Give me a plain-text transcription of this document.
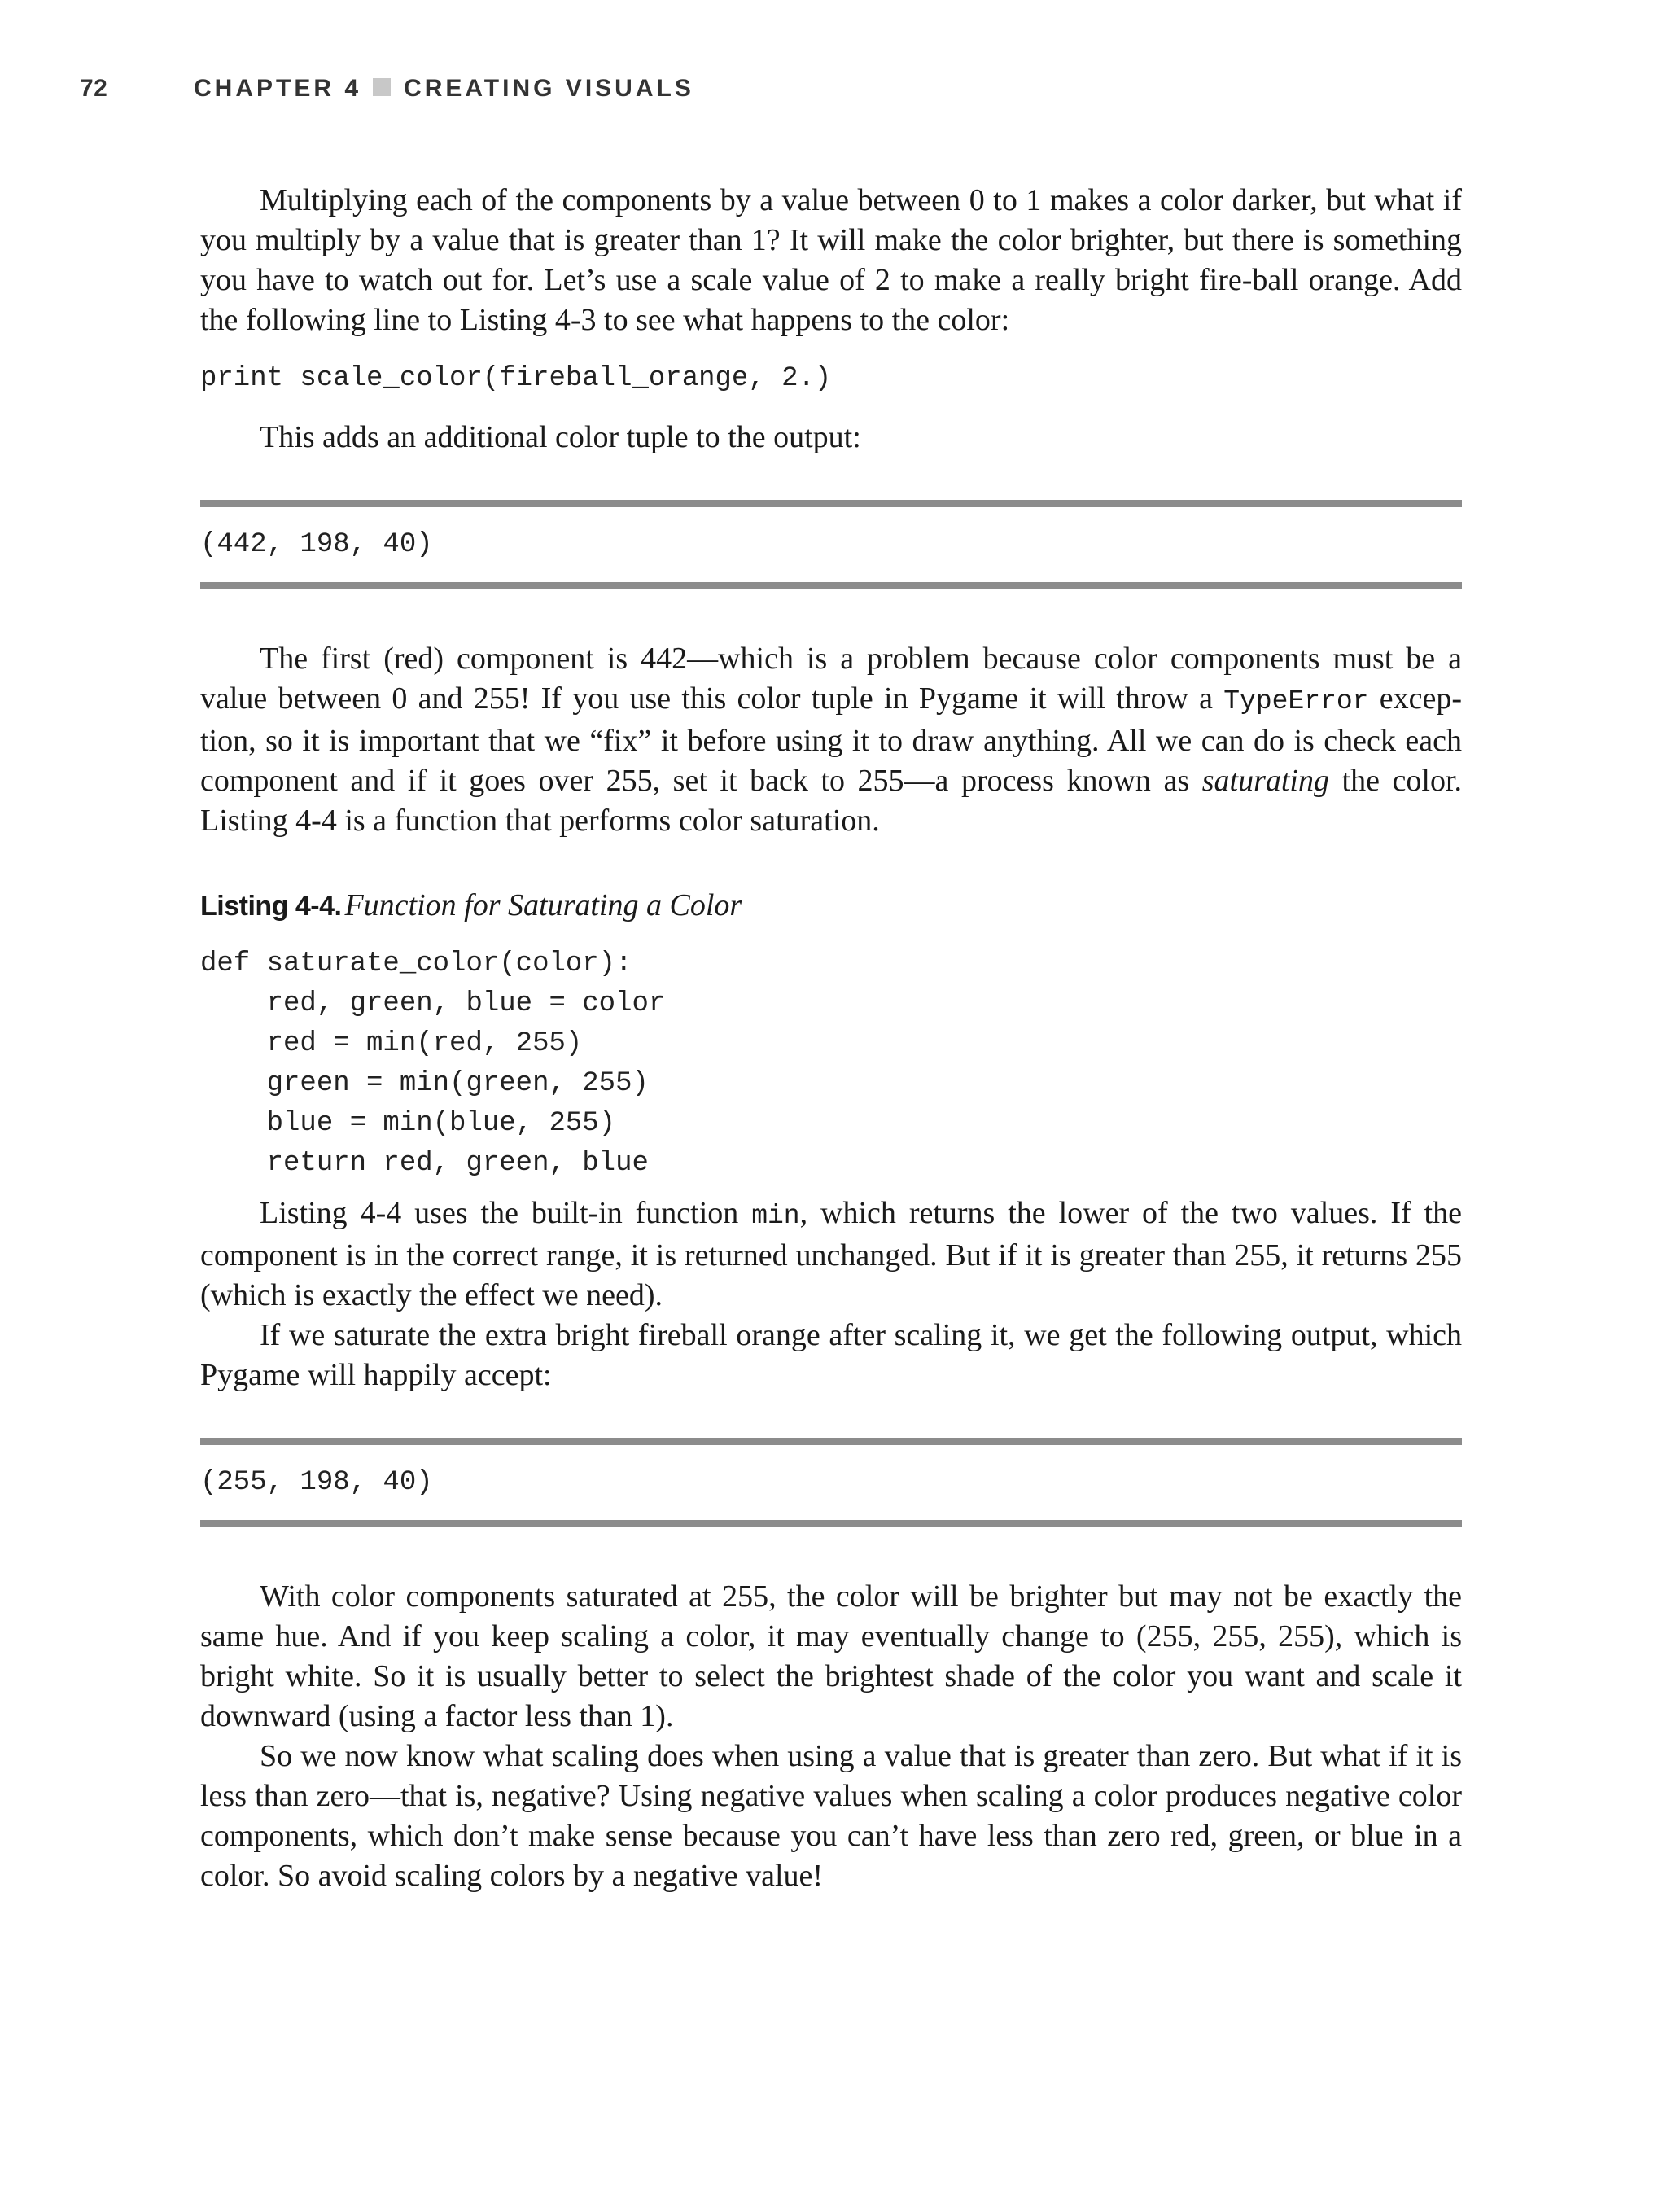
72	CHAPTER 4 CREATING VISUALS

Multiplying each of the components by a value between 0 to 1 makes a color darker, but what if you multiply by a value that is greater than 1? It will make the color brighter, but there is something you have to watch out for. Let’s use a scale value of 2 to make a really bright fire-ball orange. Add the following line to Listing 4-3 to see what happens to the color:

print scale_color(fireball_orange, 2.)

This adds an additional color tuple to the output:

(442, 198, 40)

The first (red) component is 442—which is a problem because color components must be a value between 0 and 255! If you use this color tuple in Pygame it will throw a TypeError excep-tion, so it is important that we “fix” it before using it to draw anything. All we can do is check each component and if it goes over 255, set it back to 255—a process known as saturating the color. Listing 4-4 is a function that performs color saturation.

Listing 4-4. Function for Saturating a Color

def saturate_color(color):
red, green, blue = color
red = min(red, 255)
green = min(green, 255)
blue = min(blue, 255)
return red, green, blue

Listing 4-4 uses the built-in function min, which returns the lower of the two values. If the component is in the correct range, it is returned unchanged. But if it is greater than 255, it returns 255 (which is exactly the effect we need).

If we saturate the extra bright fireball orange after scaling it, we get the following output, which Pygame will happily accept:

(255, 198, 40)

With color components saturated at 255, the color will be brighter but may not be exactly the same hue. And if you keep scaling a color, it may eventually change to (255, 255, 255), which is bright white. So it is usually better to select the brightest shade of the color you want and scale it downward (using a factor less than 1).

So we now know what scaling does when using a value that is greater than zero. But what if it is less than zero—that is, negative? Using negative values when scaling a color produces negative color components, which don’t make sense because you can’t have less than zero red, green, or blue in a color. So avoid scaling colors by a negative value!
